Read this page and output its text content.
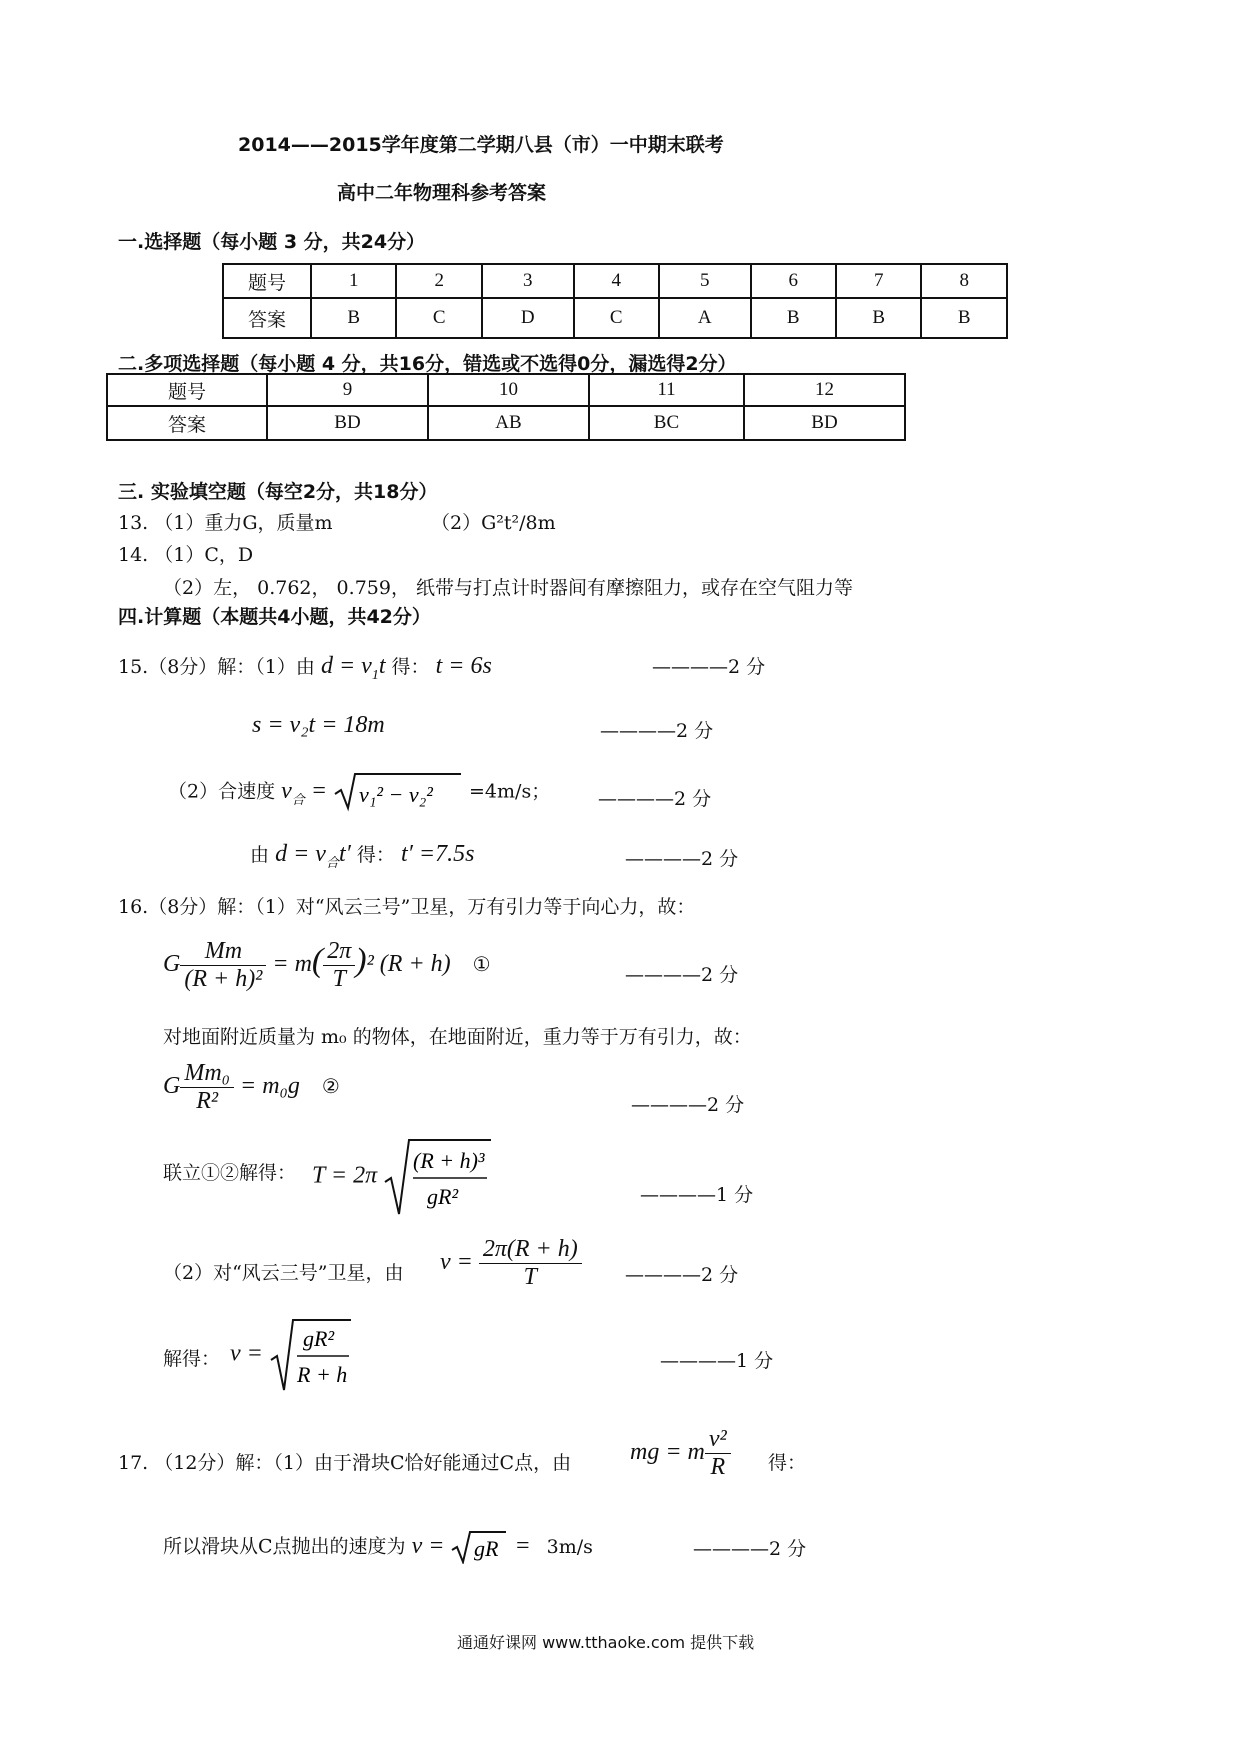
2014——2015学年度第二学期八县（市）一中期末联考
高中二年物理科参考答案
一.选择题（每小题 3 分，共24分）
题号	1	2	3	4	5	6	7	8
答案	B	C	D	C	A	B	B	B
二.多项选择题（每小题 4 分，共16分，错选或不选得0分，漏选得2分）
题号	9	10	11	12
答案	BD	AB	BC	BD
三. 实验填空题（每空2分，共18分）
13. （1）重力G，质量m	（2）G²t²/8m
14. （1）C，D
（2）左， 0.762， 0.759， 纸带与打点计时器间有摩擦阻力，或存在空气阻力等
四.计算题（本题共4小题，共42分）
15.（8分）解：（1）由 $d = v_1t$ 得： t = 6s	————2 分
s = v₂t = 18m	————2 分
（2）合速度 $v_合 = v_1^2 - v_2^2 =4m/s$；	————2 分
由 $d = v_合t'$ 得： t′ =7.5s	————2 分
16.（8分）解：（1）对“风云三号”卫星，万有引力等于向心力，故：
G $\frac{Mm}{\text{(R + h)²}} = m( \frac{2\pi}{T} )^2$ (R + h) ①	————2 分
对地面附近质量为 m₀ 的物体，在地面附近，重力等于万有引力，故：
G $\frac{\text{Mm₀}}{\text{R²}} = m_0g$ ②
————2 分
联立①②解得： T = 2π
(R + h)³
gR²	————1 分
（2）对“风云三号”卫星，由 $v = \frac{2\pi(R + h)}{T}$ ————2 分
解得： v =
gR²
R + h
————1 分
17. （12分）解：（1）由于滑块C恰好能通过C点，由 mg = m $\frac{\text{v²}}{R}$ 得：
所以滑块从C点抛出的速度为 v = gR = 3m/s	————2 分
通通好课网 www.tthaoke.com 提供下载
